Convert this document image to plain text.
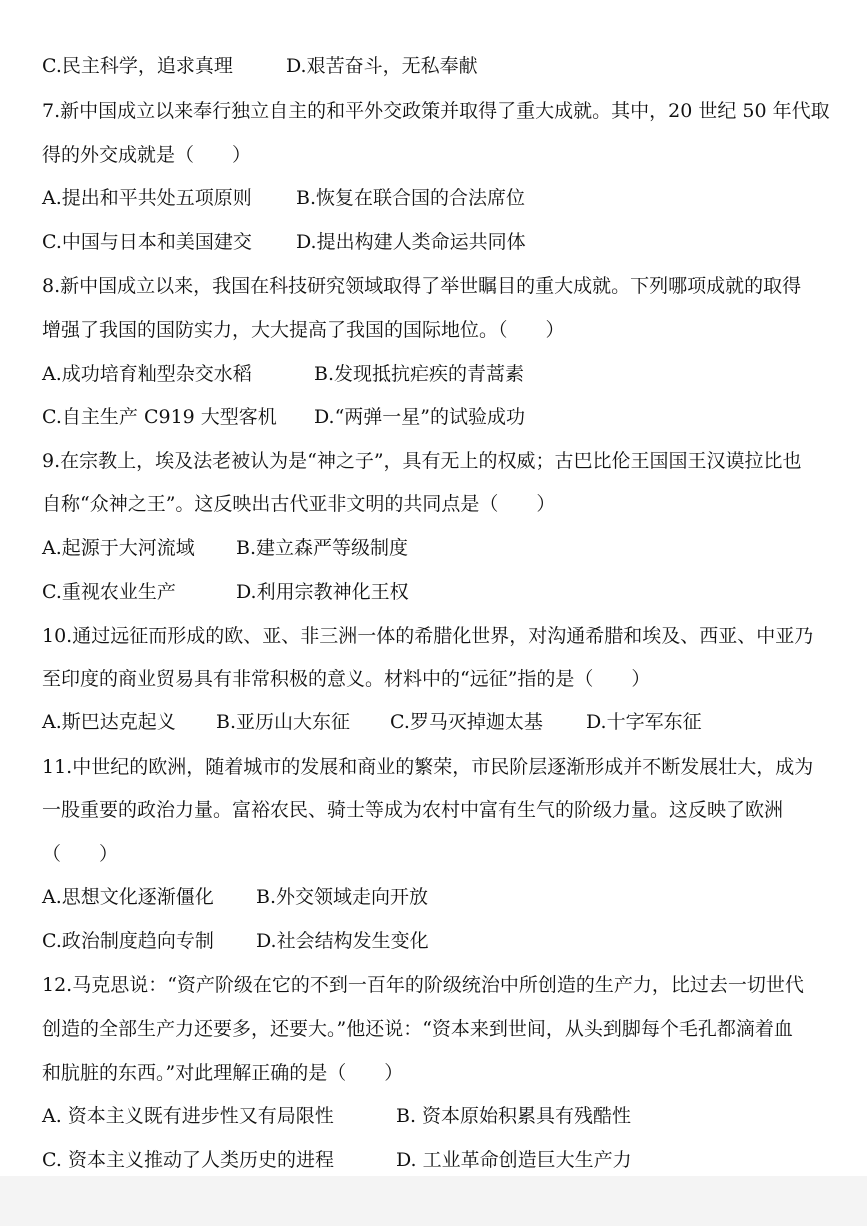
C.民主科学，追求真理	D.艰苦奋斗，无私奉献
7.新中国成立以来奉行独立自主的和平外交政策并取得了重大成就。其中，20 世纪 50 年代取
得的外交成就是（　　）
A.提出和平共处五项原则 B.恢复在联合国的合法席位
C.中国与日本和美国建交 D.提出构建人类命运共同体
8.新中国成立以来，我国在科技研究领域取得了举世瞩目的重大成就。下列哪项成就的取得
增强了我国的国防实力，大大提高了我国的国际地位。（　　）
A.成功培育籼型杂交水稻	B.发现抵抗疟疾的青蒿素
C.自主生产 C919 大型客机 D.“两弹一星”的试验成功
9.在宗教上，埃及法老被认为是“神之子”，具有无上的权威；古巴比伦王国国王汉谟拉比也
自称“众神之王”。这反映出古代亚非文明的共同点是（　　）
A.起源于大河流域 B.建立森严等级制度
C.重视农业生产	D.利用宗教神化王权
10.通过远征而形成的欧、亚、非三洲一体的希腊化世界，对沟通希腊和埃及、西亚、中亚乃
至印度的商业贸易具有非常积极的意义。材料中的“远征”指的是（　　）
A.斯巴达克起义 B.亚历山大东征 C.罗马灭掉迦太基 D.十字军东征
11.中世纪的欧洲，随着城市的发展和商业的繁荣，市民阶层逐渐形成并不断发展壮大，成为
一股重要的政治力量。富裕农民、骑士等成为农村中富有生气的阶级力量。这反映了欧洲
（　　）
A.思想文化逐渐僵化 B.外交领域走向开放
C.政治制度趋向专制 D.社会结构发生变化
12.马克思说：“资产阶级在它的不到一百年的阶级统治中所创造的生产力，比过去一切世代
创造的全部生产力还要多，还要大。”他还说：“资本来到世间，从头到脚每个毛孔都滴着血
和肮脏的东西。”对此理解正确的是（　　）
A. 资本主义既有进步性又有局限性	B. 资本原始积累具有残酷性
C. 资本主义推动了人类历史的进程	D. 工业革命创造巨大生产力
